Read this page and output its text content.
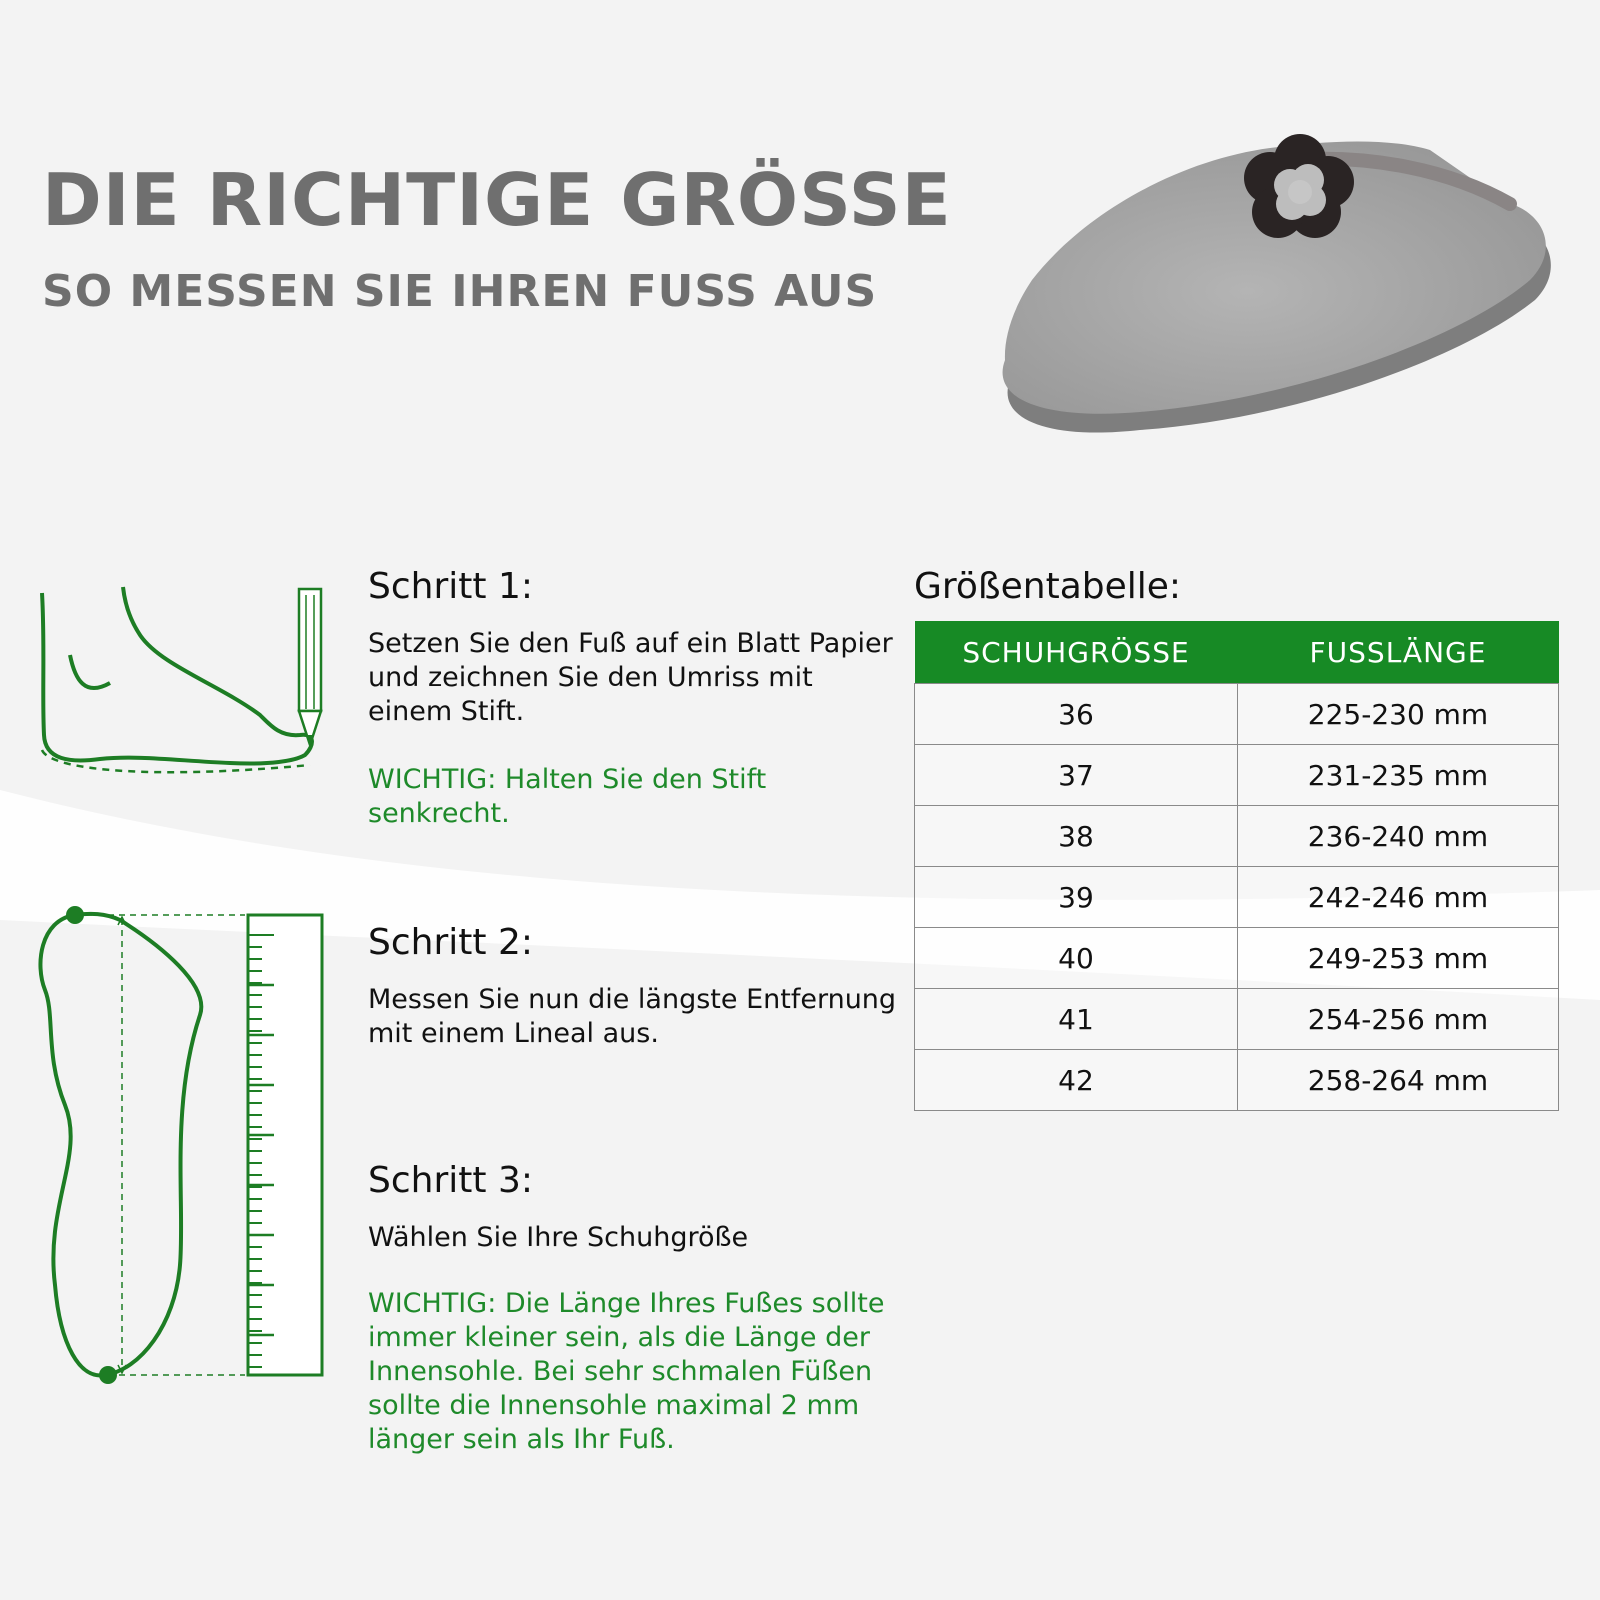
DIE RICHTIGE GRÖSSE
SO MESSEN SIE IHREN FUSS AUS
Schritt 1:

Setzen Sie den Fuß auf ein Blatt Papier und zeichnen Sie den Umriss mit einem Stift.

WICHTIG: Halten Sie den Stift senkrecht.

Schritt 2:

Messen Sie nun die längste Entfernung mit einem Lineal aus.

Schritt 3:

Wählen Sie Ihre Schuhgröße

WICHTIG: Die Länge Ihres Fußes sollte immer kleiner sein, als die Länge der Innensohle. Bei sehr schmalen Füßen sollte die Innensohle maximal 2 mm länger sein als Ihr Fuß.

Größentabelle:
SCHUHGRÖSSE	FUSSLÄNGE
36	225-230 mm
37	231-235 mm
38	236-240 mm
39	242-246 mm
40	249-253 mm
41	254-256 mm
42	258-264 mm
